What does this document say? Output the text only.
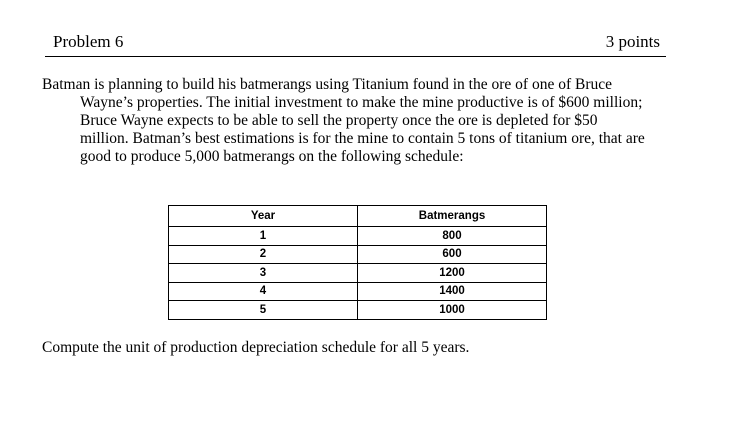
Problem 6	3 points
Batman is planning to build his batmerangs using Titanium found in the ore of one of Bruce
Wayne’s properties. The initial investment to make the mine productive is of $600 million;
Bruce Wayne expects to be able to sell the property once the ore is depleted for $50
million. Batman’s best estimations is for the mine to contain 5 tons of titanium ore, that are
good to produce 5,000 batmerangs on the following schedule:
Year	Batmerangs
1	800
2	600
3	1200
4	1400
5	1000
Compute the unit of production depreciation schedule for all 5 years.
